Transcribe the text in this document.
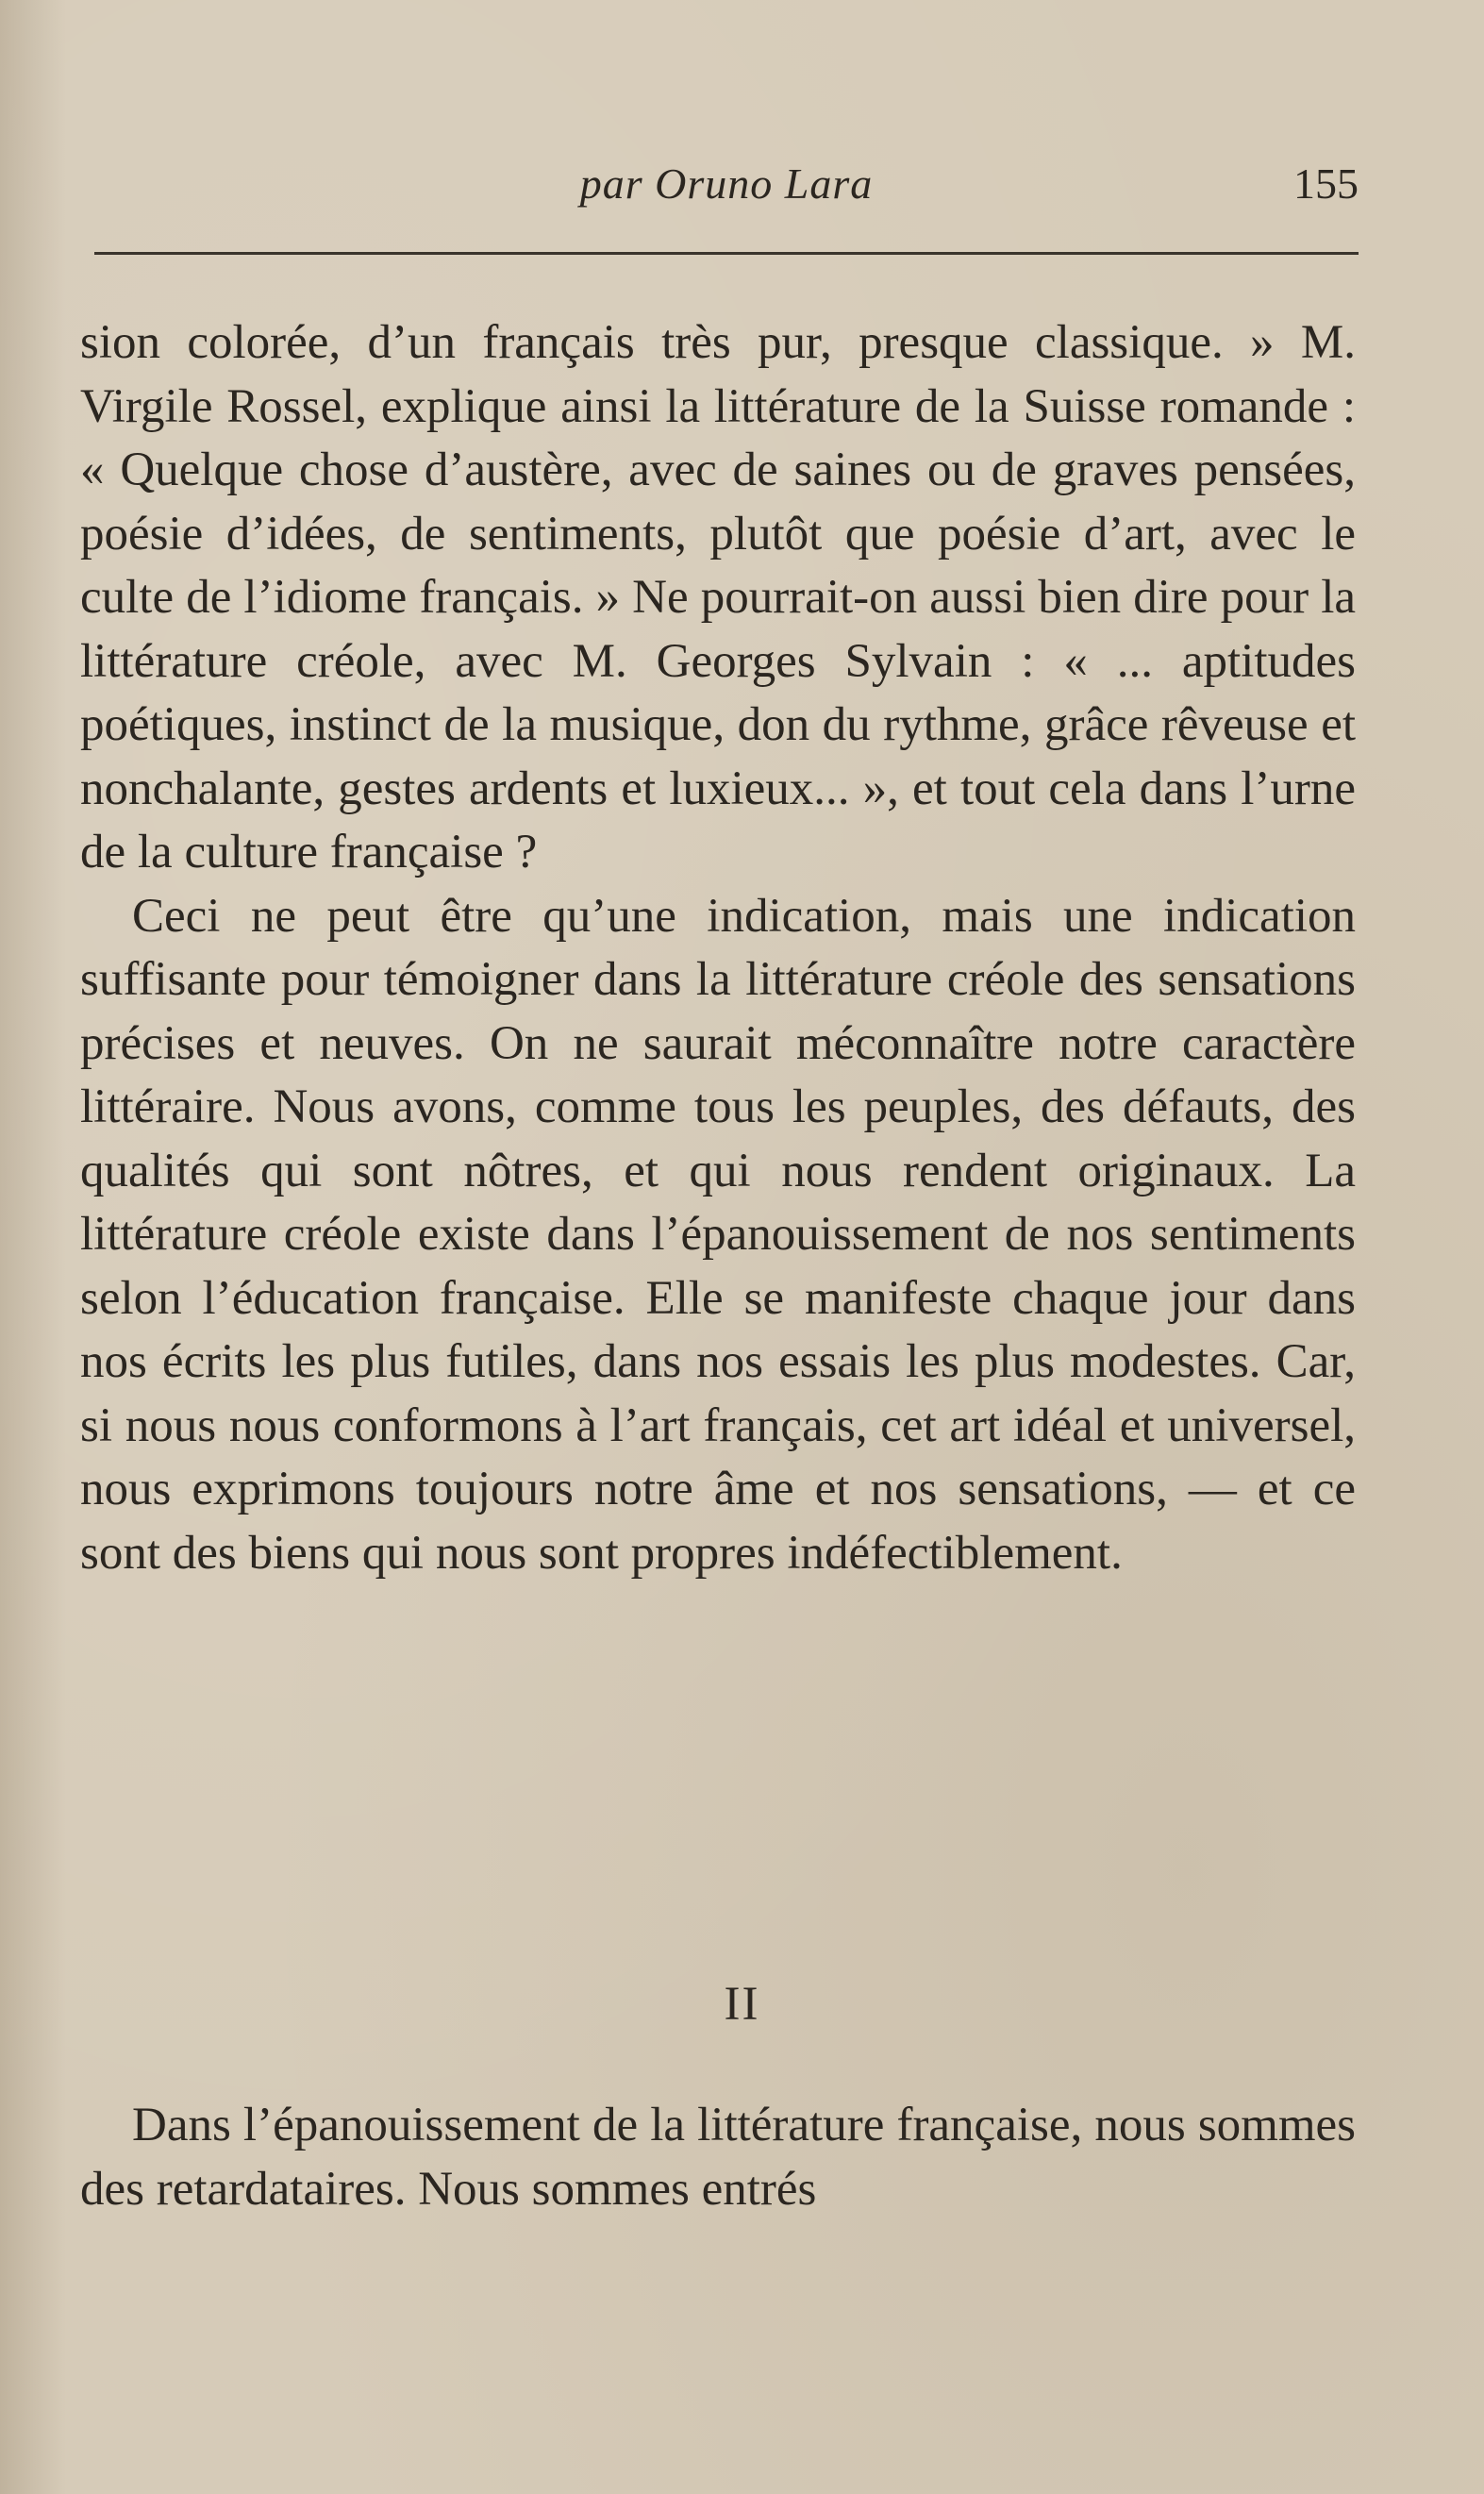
par Oruno Lara	155

sion colorée, d’un français très pur, presque classique. » M. Virgile Rossel, explique ainsi la littérature de la Suisse romande : « Quelque chose d’austère, avec de saines ou de graves pensées, poésie d’idées, de sentiments, plutôt que poésie d’art, avec le culte de l’idiome français. » Ne pourrait-on aussi bien dire pour la littérature créole, avec M. Georges Sylvain : « ... aptitudes poétiques, instinct de la musique, don du rythme, grâce rêveuse et nonchalante, gestes ardents et luxieux... », et tout cela dans l’urne de la culture française ?

Ceci ne peut être qu’une indication, mais une indication suffisante pour témoigner dans la littérature créole des sensations précises et neuves. On ne saurait méconnaître notre caractère littéraire. Nous avons, comme tous les peuples, des défauts, des qualités qui sont nôtres, et qui nous rendent originaux. La littérature créole existe dans l’épanouissement de nos sentiments selon l’éducation française. Elle se manifeste chaque jour dans nos écrits les plus futiles, dans nos essais les plus modestes. Car, si nous nous conformons à l’art français, cet art idéal et universel, nous exprimons toujours notre âme et nos sensations, — et ce sont des biens qui nous sont propres indéfectiblement.

II

Dans l’épanouissement de la littérature française, nous sommes des retardataires. Nous sommes entrés
